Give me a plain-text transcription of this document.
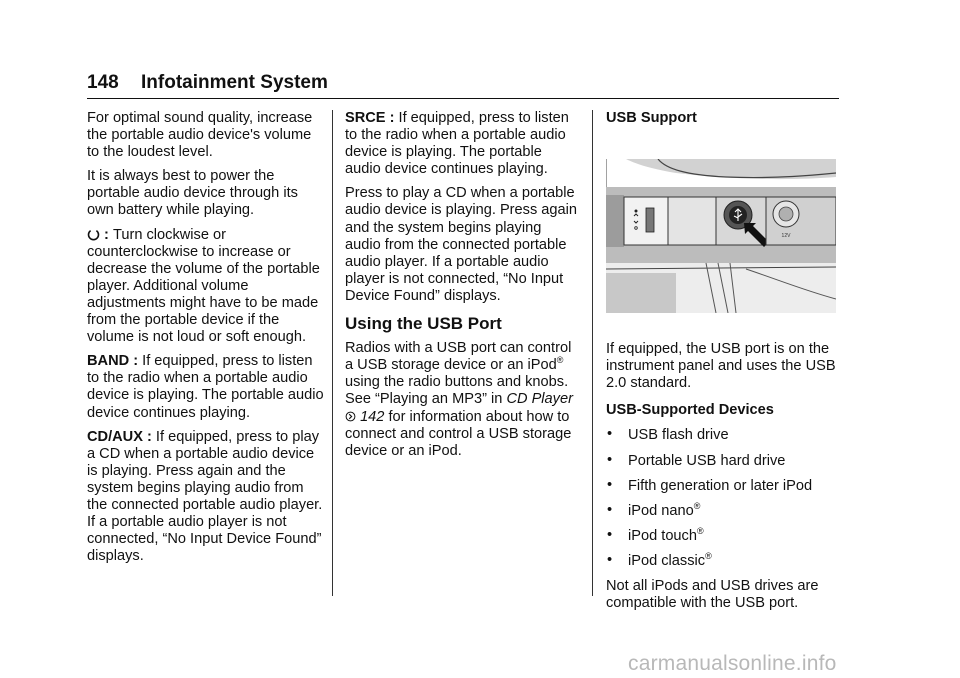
148 Infotainment System

For optimal sound quality, increase the portable audio device's volume to the loudest level.

It is always best to power the portable audio device through its own battery while playing.

: Turn clockwise or counterclockwise to increase or decrease the volume of the portable player. Additional volume adjustments might have to be made from the portable device if the volume is not loud or soft enough.

BAND : If equipped, press to listen to the radio when a portable audio device is playing. The portable audio device continues playing.

CD/AUX : If equipped, press to play a CD when a portable audio device is playing. Press again and the system begins playing audio from the connected portable audio player. If a portable audio player is not connected, “No Input Device Found” displays.

SRCE : If equipped, press to listen to the radio when a portable audio device is playing. The portable audio device continues playing.

Press to play a CD when a portable audio device is playing. Press again and the system begins playing audio from the connected portable audio player. If a portable audio player is not connected, “No Input Device Found” displays.

Using the USB Port

Radios with a USB port can control a USB storage device or an iPod® using the radio buttons and knobs. See “Playing an MP3” in CD Player
142 for information about how to connect and control a USB storage device or an iPod.

USB Support
12V

If equipped, the USB port is on the instrument panel and uses the USB 2.0 standard.

USB-Supported Devices
• USB flash drive
• Portable USB hard drive
• Fifth generation or later iPod
• iPod nano®
• iPod touch®
• iPod classic®

Not all iPods and USB drives are compatible with the USB port.

carmanualsonline.info
